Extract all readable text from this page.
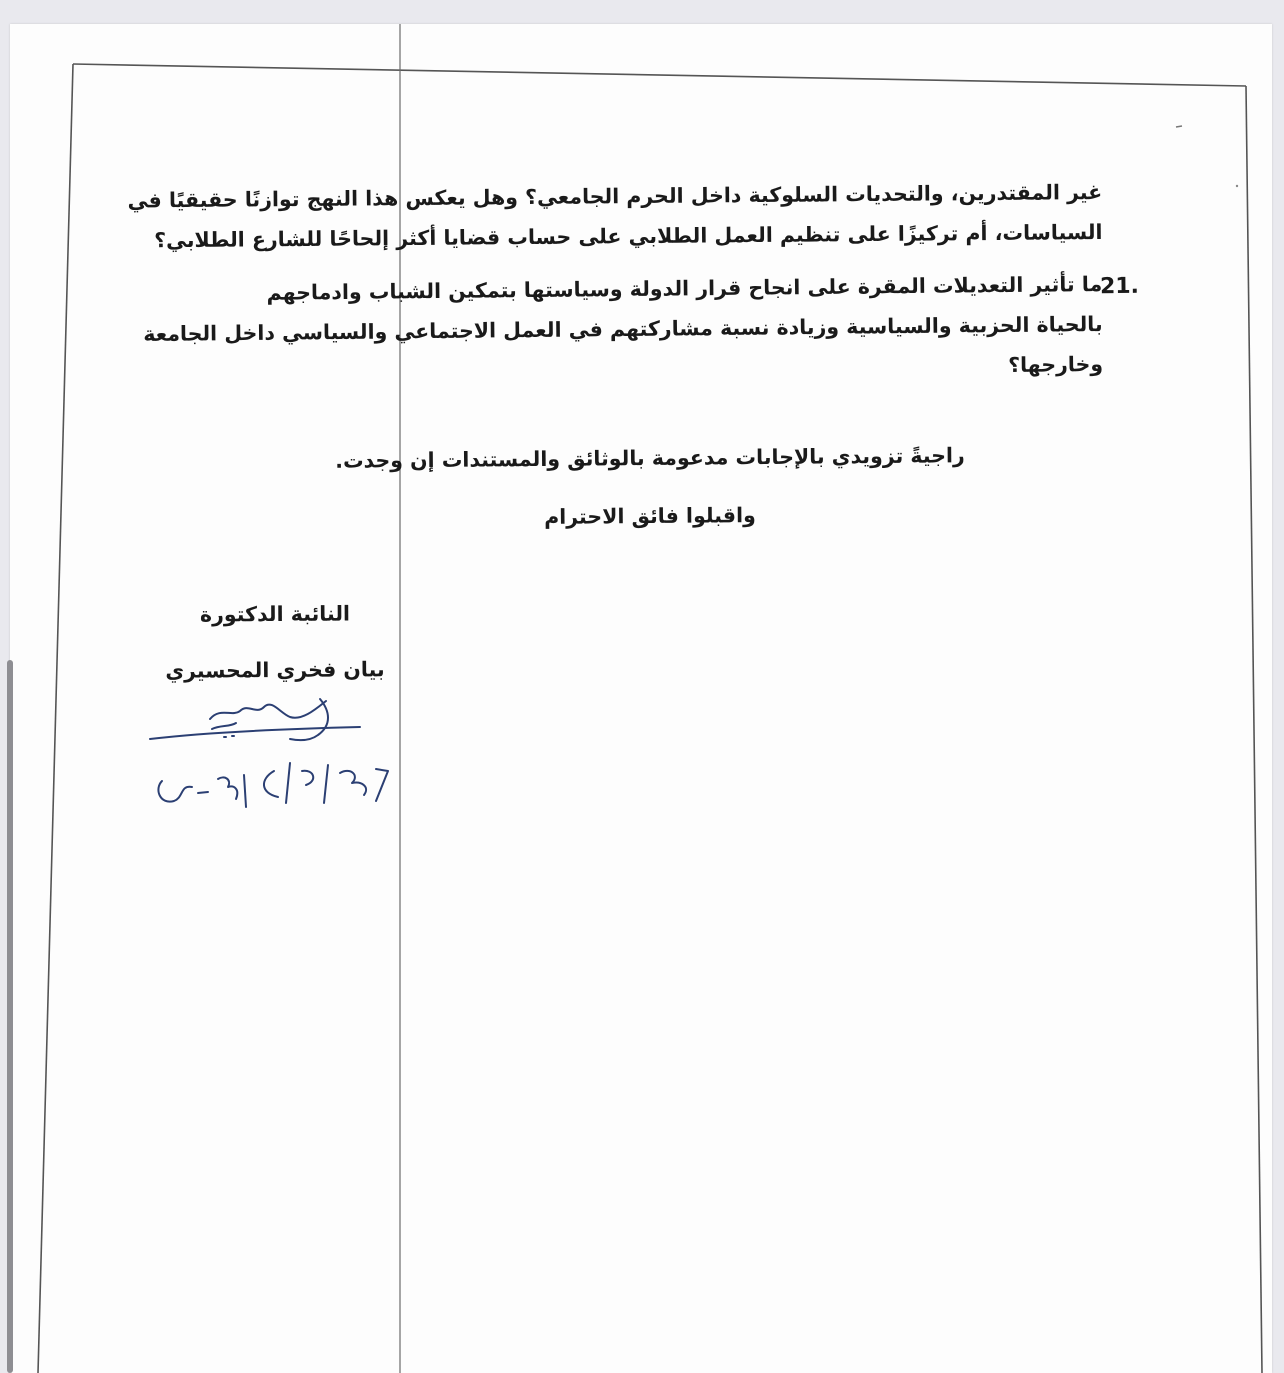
غير المقتدرين، والتحديات السلوكية داخل الحرم الجامعي؟ وهل يعكس هذا النهج توازنًا حقيقيًا في
السياسات، أم تركيزًا على تنظيم العمل الطلابي على حساب قضايا أكثر إلحاحًا للشارع الطلابي؟
21.
ما تأثير التعديلات المقرة على انجاح قرار الدولة وسياستها بتمكين الشباب وادماجهم
بالحياة الحزبية والسياسية وزيادة نسبة مشاركتهم في العمل الاجتماعي والسياسي داخل الجامعة
وخارجها؟
راجيةً تزويدي بالإجابات مدعومة بالوثائق والمستندات إن وجدت.
واقبلوا فائق الاحترام
النائبة الدكتورة
بيان فخري المحسيري
